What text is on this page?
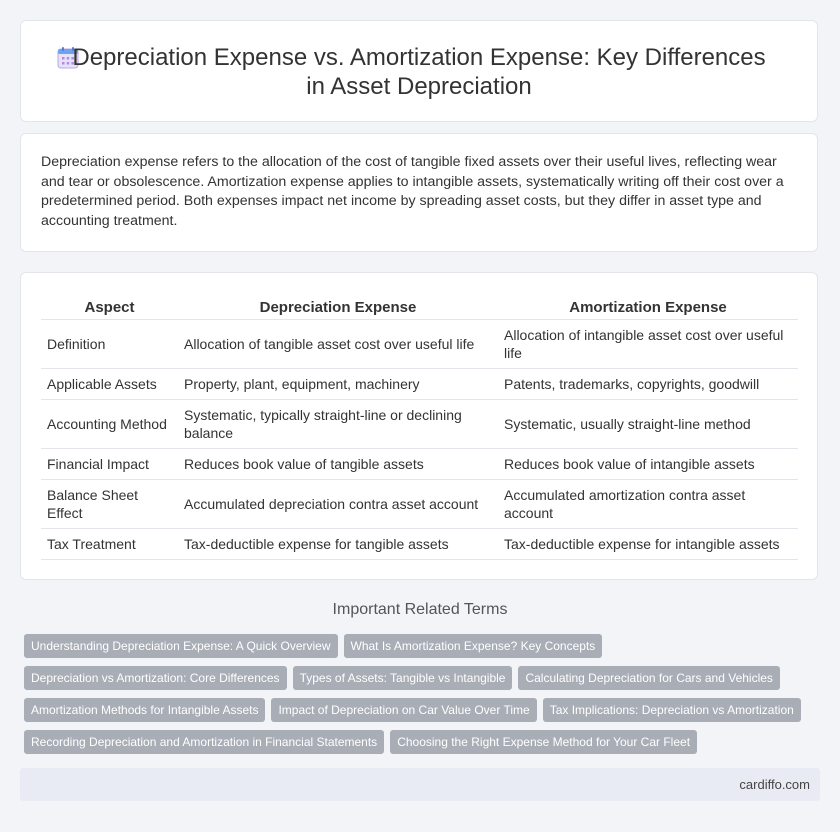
Depreciation Expense vs. Amortization Expense: Key Differences in Asset Depreciation

Depreciation expense refers to the allocation of the cost of tangible fixed assets over their useful lives, reflecting wear and tear or obsolescence. Amortization expense applies to intangible assets, systematically writing off their cost over a predetermined period. Both expenses impact net income by spreading asset costs, but they differ in asset type and accounting treatment.

Aspect	Depreciation Expense	Amortization Expense
Definition	Allocation of tangible asset cost over useful life	Allocation of intangible asset cost over useful life
Applicable Assets	Property, plant, equipment, machinery	Patents, trademarks, copyrights, goodwill
Accounting Method	Systematic, typically straight-line or declining balance	Systematic, usually straight-line method
Financial Impact	Reduces book value of tangible assets	Reduces book value of intangible assets
Balance Sheet Effect	Accumulated depreciation contra asset account	Accumulated amortization contra asset account
Tax Treatment	Tax-deductible expense for tangible assets	Tax-deductible expense for intangible assets
Important Related Terms
Understanding Depreciation Expense: A Quick Overview What Is Amortization Expense? Key Concepts
Depreciation vs Amortization: Core Differences Types of Assets: Tangible vs Intangible Calculating Depreciation for Cars and Vehicles
Amortization Methods for Intangible Assets Impact of Depreciation on Car Value Over Time Tax Implications: Depreciation vs Amortization
Recording Depreciation and Amortization in Financial Statements Choosing the Right Expense Method for Your Car Fleet
cardiffo.com
